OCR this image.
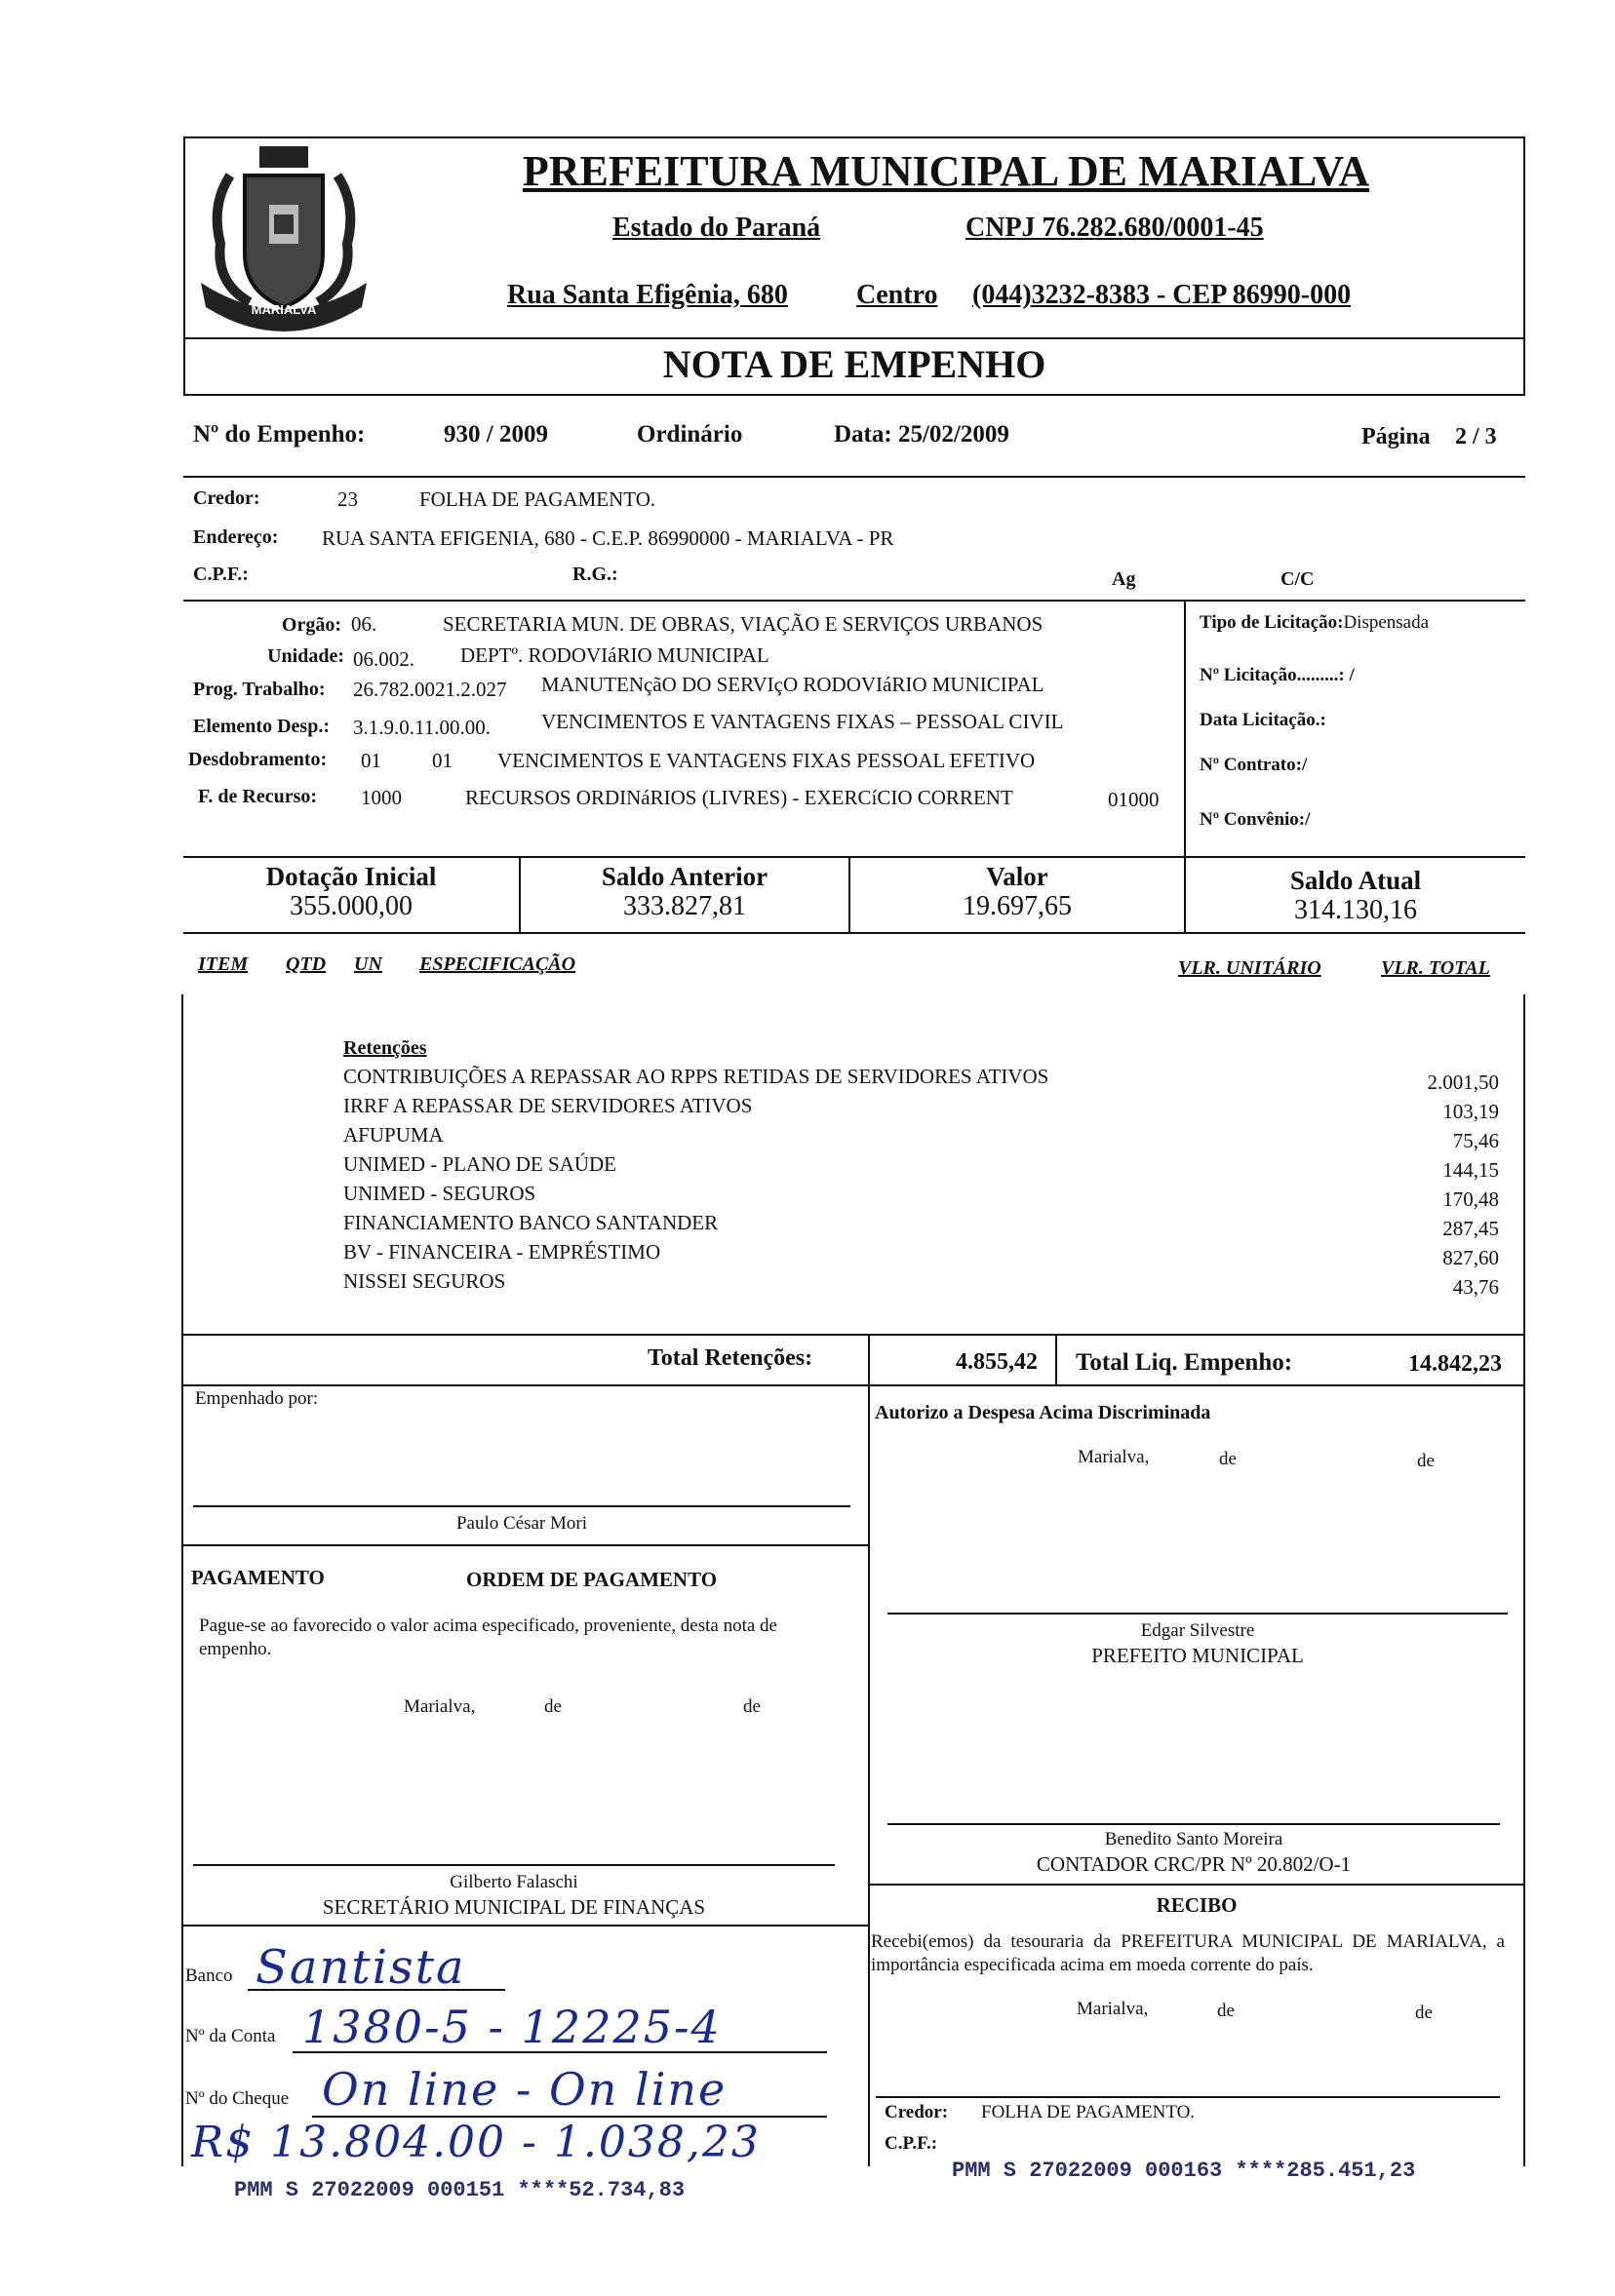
MARIALVA
PREFEITURA MUNICIPAL DE MARIALVA
Estado do Paraná	CNPJ 76.282.680/0001-45
Rua Santa Efigênia, 680	Centro (044)3232-8383 - CEP 86990-000
NOTA DE EMPENHO
Nº do Empenho:	930 / 2009	Ordinário	Data: 25/02/2009	Página 2 / 3
Credor:	23	FOLHA DE PAGAMENTO.
Endereço: RUA SANTA EFIGENIA, 680 - C.E.P. 86990000 - MARIALVA - PR
C.P.F.:	R.G.:	Ag	C/C
Orgão: 06.	SECRETARIA MUN. DE OBRAS, VIAÇÃO E SERVIÇOS URBANOS
Unidade: 06.002. DEPTº. RODOVIáRIO MUNICIPAL
Prog. Trabalho: 26.782.0021.2.027 MANUTENçãO DO SERVIçO RODOVIáRIO MUNICIPAL
Elemento Desp.: 3.1.9.0.11.00.00. VENCIMENTOS E VANTAGENS FIXAS – PESSOAL CIVIL
Desdobramento: 01 01 VENCIMENTOS E VANTAGENS FIXAS PESSOAL EFETIVO
F. de Recurso: 1000	RECURSOS ORDINáRIOS (LIVRES) - EXERCíCIO CORRENT	01000
Tipo de Licitação:Dispensada
Nº Licitação.........: /
Data Licitação.:
Nº Contrato:/
Nº Convênio:/
Dotação Inicial
355.000,00
Saldo Anterior
333.827,81
Valor
19.697,65
Saldo Atual
314.130,16
ITEM QTD UN ESPECIFICAÇÃO	VLR. UNITÁRIO	VLR. TOTAL
Retenções
CONTRIBUIÇÕES A REPASSAR AO RPPS RETIDAS DE SERVIDORES ATIVOS	2.001,50
IRRF A REPASSAR DE SERVIDORES ATIVOS	103,19
AFUPUMA	75,46
UNIMED - PLANO DE SAÚDE	144,15
UNIMED - SEGUROS	170,48
FINANCIAMENTO BANCO SANTANDER	287,45
BV - FINANCEIRA - EMPRÉSTIMO	827,60
NISSEI SEGUROS	43,76
Total Retenções:	4.855,42 Total Liq. Empenho:	14.842,23
Empenhado por:
Paulo César Mori
PAGAMENTO	ORDEM DE PAGAMENTO
Pague-se ao favorecido o valor acima especificado, proveniente, desta nota de empenho.
Marialva,	de	de
Gilberto Falaschi
SECRETÁRIO MUNICIPAL DE FINANÇAS
Banco Santista
Nº da Conta 1380-5 - 12225-4
Nº do Cheque On line - On line
R$ 13.804.00 - 1.038,23
Autorizo a Despesa Acima Discriminada
Marialva,	de	de
Edgar Silvestre
PREFEITO MUNICIPAL
Benedito Santo Moreira
CONTADOR CRC/PR Nº 20.802/O-1
RECIBO
Recebi(emos) da tesouraria da PREFEITURA MUNICIPAL DE MARIALVA, a importância especificada acima em moeda corrente do país.
Marialva,	de	de
Credor: FOLHA DE PAGAMENTO.
C.P.F.:
PMM S 27022009 000151 ****52.734,83
PMM S 27022009 000163 ****285.451,23
